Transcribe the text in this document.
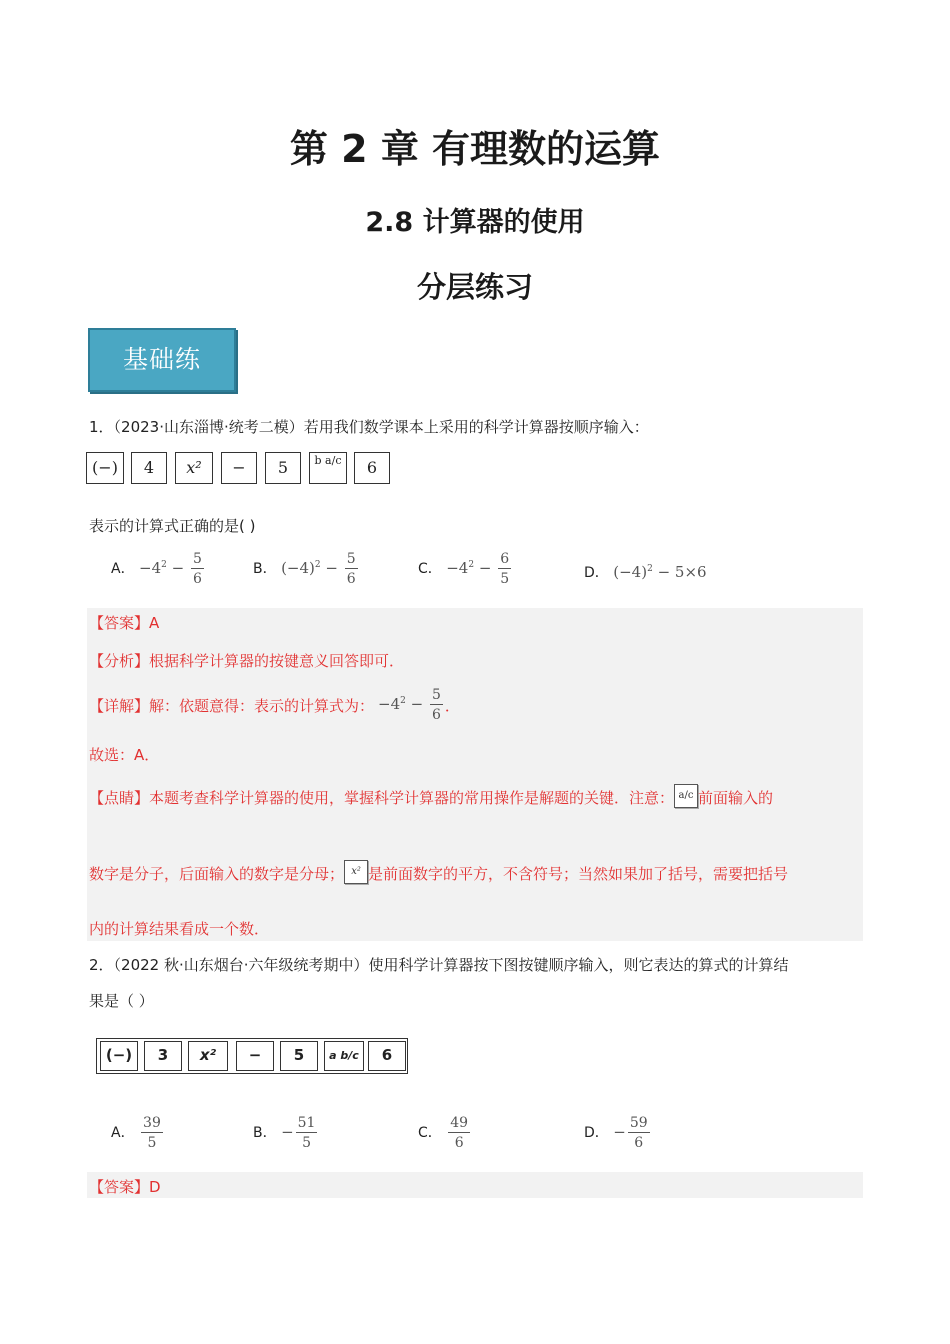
第 2 章 有理数的运算
2.8 计算器的使用
分层练习
基础练
1．（2023·山东淄博·统考二模）若用我们数学课本上采用的科学计算器按顺序输入：
(−)	4	x²	−	5	b a/c	6
表示的计算式正确的是( )
A． $-4^2 - \frac{5}{6}$	B． $(-4)^2 - \frac{5}{6}$	C． $-4^2 - \frac{6}{5}$	D． $(-4)^2 - 5\times 6$
【答案】A
【分析】根据科学计算器的按键意义回答即可．
【详解】解：依题意得：表示的计算式为： $-4^2 - \frac{5}{6}$ ．
故选：A．
【点睛】本题考查科学计算器的使用，掌握科学计算器的常用操作是解题的关键．注意： a/c 前面输入的
数字是分子，后面输入的数字是分母； x² 是前面数字的平方，不含符号；当然如果加了括号，需要把括号
内的计算结果看成一个数．
2．（2022 秋·山东烟台·六年级统考期中）使用科学计算器按下图按键顺序输入，则它表达的算式的计算结
果是（ ）
(−)	3	x²	−	5	a b/c	6
A． $\frac{39}{5}$	B． − $\frac{51}{5}$	C． $\frac{49}{6}$	D． − $\frac{59}{6}$
【答案】D
